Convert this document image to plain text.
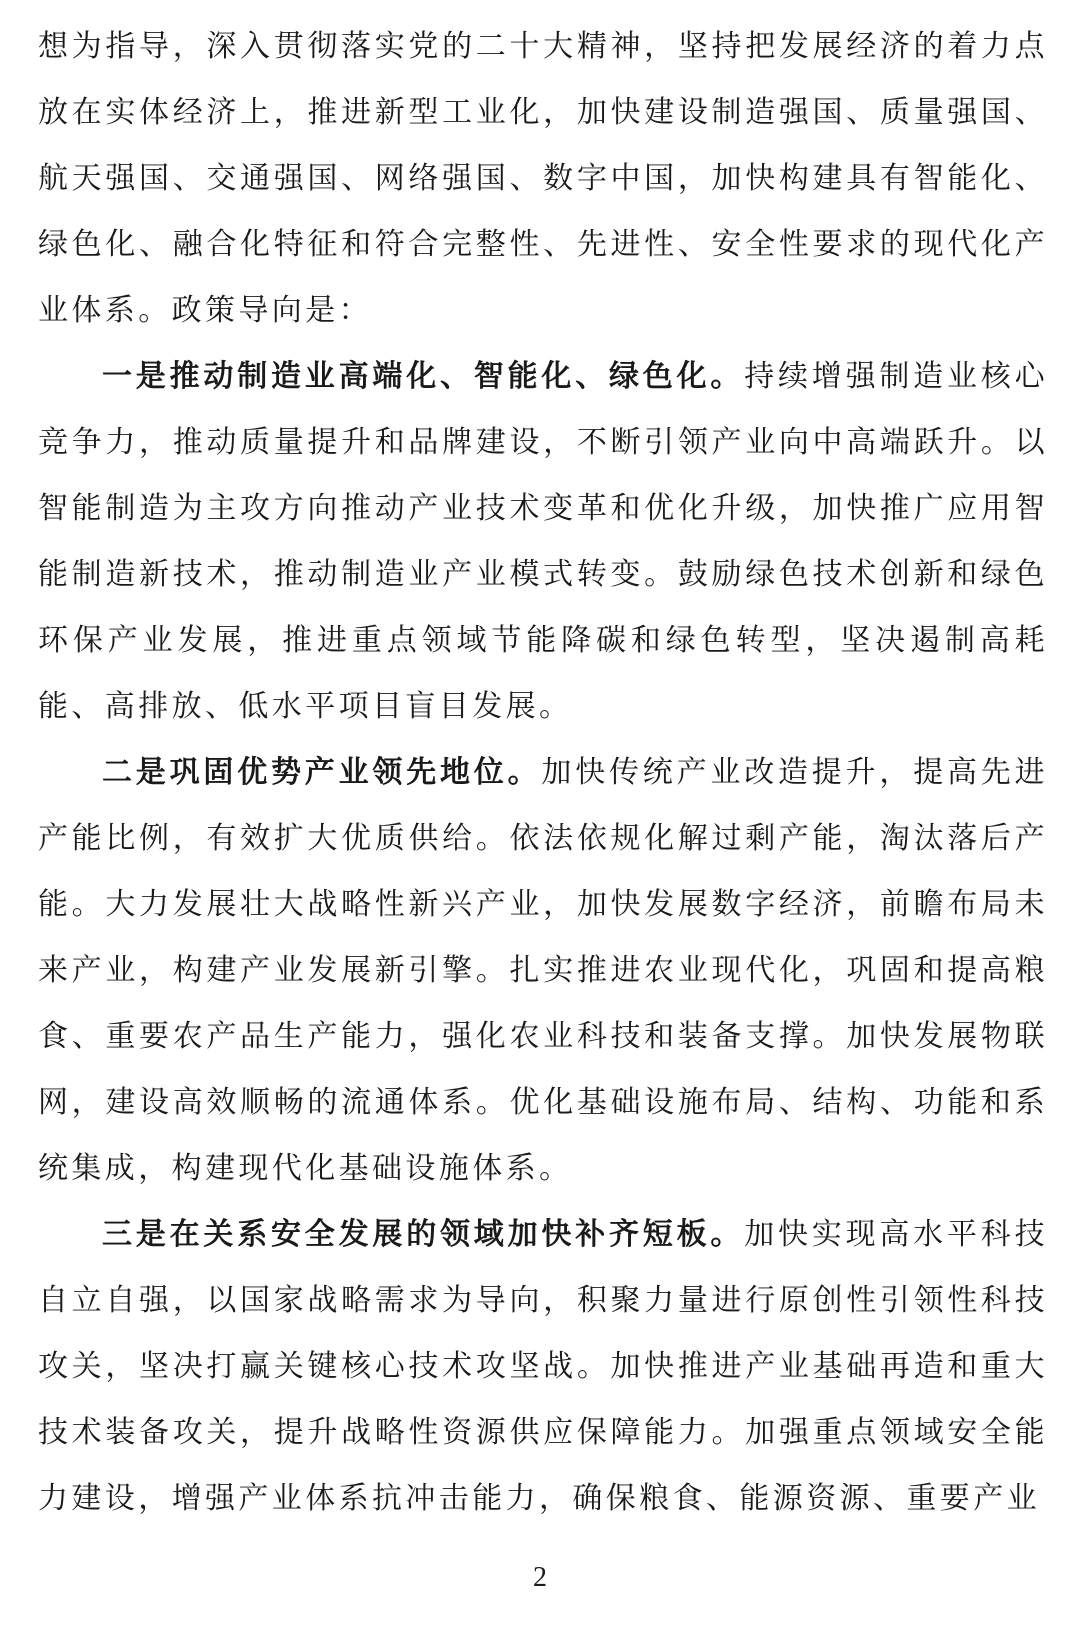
想为指导，深入贯彻落实党的二十大精神，坚持把发展经济的着力点放在实体经济上，推进新型工业化，加快建设制造强国、质量强国、航天强国、交通强国、网络强国、数字中国，加快构建具有智能化、绿色化、融合化特征和符合完整性、先进性、安全性要求的现代化产业体系。政策导向是：

一是推动制造业高端化、智能化、绿色化。持续增强制造业核心竞争力，推动质量提升和品牌建设，不断引领产业向中高端跃升。以智能制造为主攻方向推动产业技术变革和优化升级，加快推广应用智能制造新技术，推动制造业产业模式转变。鼓励绿色技术创新和绿色环保产业发展，推进重点领域节能降碳和绿色转型，坚决遏制高耗能、高排放、低水平项目盲目发展。

二是巩固优势产业领先地位。加快传统产业改造提升，提高先进产能比例，有效扩大优质供给。依法依规化解过剩产能，淘汰落后产能。大力发展壮大战略性新兴产业，加快发展数字经济，前瞻布局未来产业，构建产业发展新引擎。扎实推进农业现代化，巩固和提高粮食、重要农产品生产能力，强化农业科技和装备支撑。加快发展物联网，建设高效顺畅的流通体系。优化基础设施布局、结构、功能和系统集成，构建现代化基础设施体系。

三是在关系安全发展的领域加快补齐短板。加快实现高水平科技自立自强，以国家战略需求为导向，积聚力量进行原创性引领性科技攻关，坚决打赢关键核心技术攻坚战。加快推进产业基础再造和重大技术装备攻关，提升战略性资源供应保障能力。加强重点领域安全能力建设，增强产业体系抗冲击能力，确保粮食、能源资源、重要产业

2
